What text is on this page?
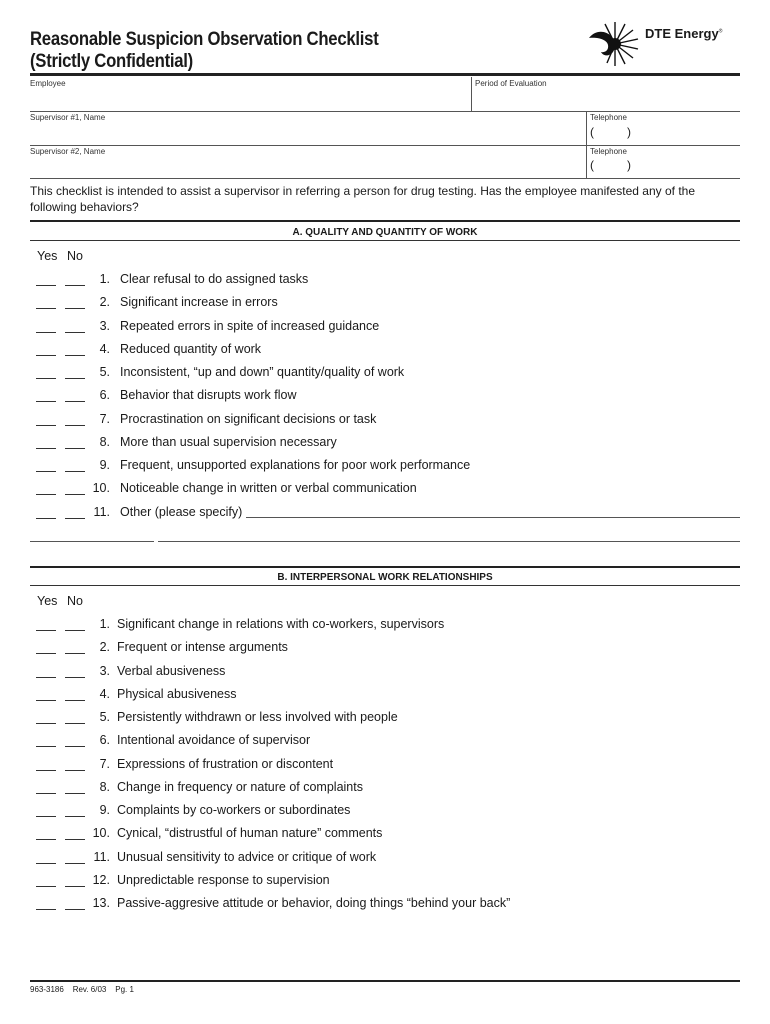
Reasonable Suspicion Observation Checklist
(Strictly Confidential)
DTE Energy®
Employee	Period of Evaluation
Supervisor #1, Name	Telephone
(	)
Supervisor #2, Name	Telephone
(	)
This checklist is intended to assist a supervisor in referring a person for drug testing. Has the employee manifested any of the following behaviors?
A. QUALITY AND QUANTITY OF WORK
Yes No
1. Clear refusal to do assigned tasks
2. Significant increase in errors
3. Repeated errors in spite of increased guidance
4. Reduced quantity of work
5. Inconsistent, “up and down” quantity/quality of work
6. Behavior that disrupts work flow
7. Procrastination on significant decisions or task
8. More than usual supervision necessary
9. Frequent, unsupported explanations for poor work performance
10. Noticeable change in written or verbal communication
11. Other (please specify)
B. INTERPERSONAL WORK RELATIONSHIPS
Yes No
1. Significant change in relations with co-workers, supervisors
2. Frequent or intense arguments
3. Verbal abusiveness
4. Physical abusiveness
5. Persistently withdrawn or less involved with people
6. Intentional avoidance of supervisor
7. Expressions of frustration or discontent
8. Change in frequency or nature of complaints
9. Complaints by co-workers or subordinates
10. Cynical, “distrustful of human nature” comments
11. Unusual sensitivity to advice or critique of work
12. Unpredictable response to supervision
13. Passive-aggresive attitude or behavior, doing things “behind your back”
963-3186    Rev. 6/03    Pg. 1
